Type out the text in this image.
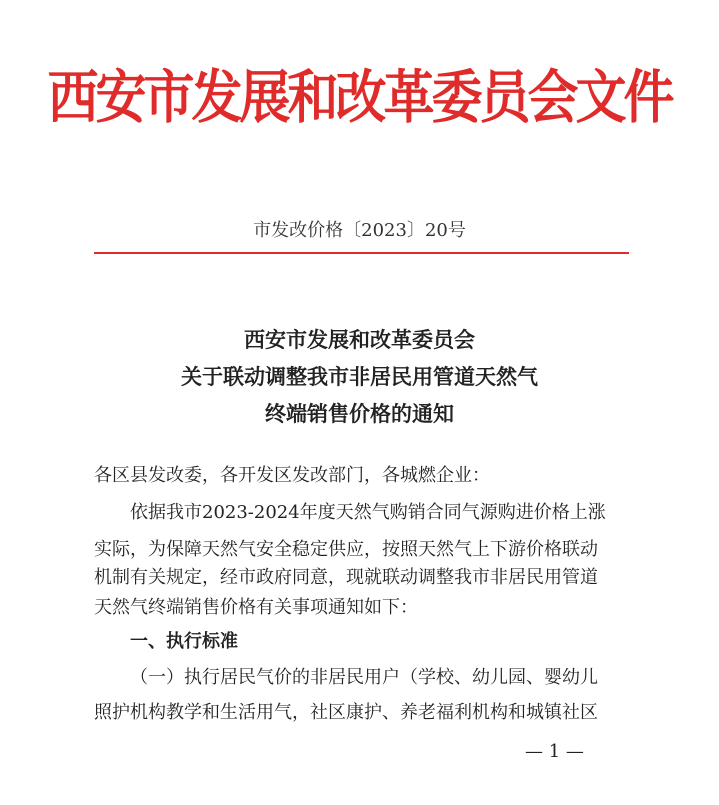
西安市发展和改革委员会文件
市发改价格〔2023〕20号
西安市发展和改革委员会
关于联动调整我市非居民用管道天然气
终端销售价格的通知
各区县发改委，各开发区发改部门，各城燃企业：
依据我市2023-2024年度天然气购销合同气源购进价格上涨
实际，为保障天然气安全稳定供应，按照天然气上下游价格联动
机制有关规定，经市政府同意，现就联动调整我市非居民用管道
天然气终端销售价格有关事项通知如下：
一、执行标准
（一）执行居民气价的非居民用户（学校、幼儿园、婴幼儿
照护机构教学和生活用气，社区康护、养老福利机构和城镇社区
— 1 —
